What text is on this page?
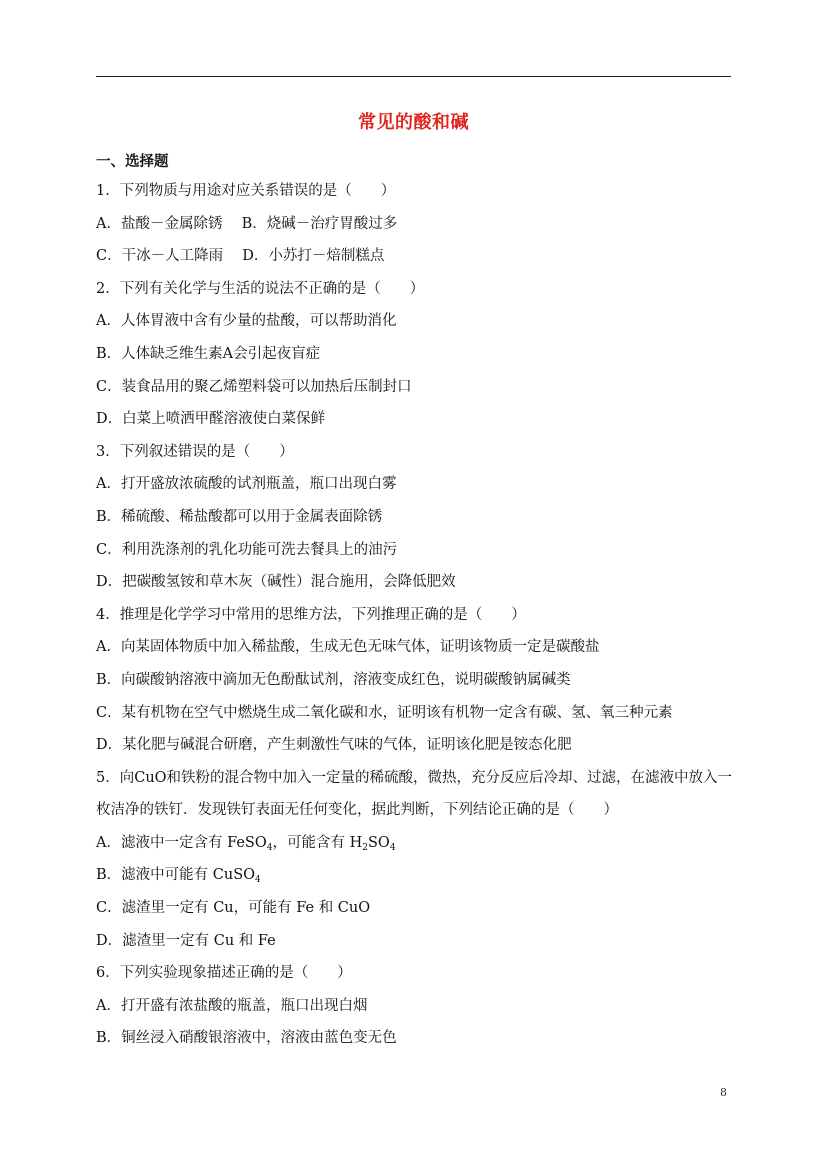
常见的酸和碱
一、选择题
1．下列物质与用途对应关系错误的是（　　）
A．盐酸－金属除锈　 B．烧碱－治疗胃酸过多
C．干冰－人工降雨　 D．小苏打－焙制糕点
2．下列有关化学与生活的说法不正确的是（　　）
A．人体胃液中含有少量的盐酸，可以帮助消化
B．人体缺乏维生素A会引起夜盲症
C．装食品用的聚乙烯塑料袋可以加热后压制封口
D．白菜上喷洒甲醛溶液使白菜保鲜
3．下列叙述错误的是（　　）
A．打开盛放浓硫酸的试剂瓶盖，瓶口出现白雾
B．稀硫酸、稀盐酸都可以用于金属表面除锈
C．利用洗涤剂的乳化功能可洗去餐具上的油污
D．把碳酸氢铵和草木灰（碱性）混合施用，会降低肥效
4．推理是化学学习中常用的思维方法，下列推理正确的是（　　）
A．向某固体物质中加入稀盐酸，生成无色无味气体，证明该物质一定是碳酸盐
B．向碳酸钠溶液中滴加无色酚酞试剂，溶液变成红色，说明碳酸钠属碱类
C．某有机物在空气中燃烧生成二氧化碳和水，证明该有机物一定含有碳、氢、氧三种元素
D．某化肥与碱混合研磨，产生刺激性气味的气体，证明该化肥是铵态化肥
5．向CuO和铁粉的混合物中加入一定量的稀硫酸，微热，充分反应后冷却、过滤，在滤液中放入一
枚洁净的铁钉．发现铁钉表面无任何变化，据此判断，下列结论正确的是（　　）
A．滤液中一定含有 FeSO$_4$，可能含有 $H_2SO_4$
B．滤液中可能有 CuSO$_4$
C．滤渣里一定有 Cu，可能有 Fe 和 CuO
D．滤渣里一定有 Cu 和 Fe
6．下列实验现象描述正确的是（　　）
A．打开盛有浓盐酸的瓶盖，瓶口出现白烟
B．铜丝浸入硝酸银溶液中，溶液由蓝色变无色
8
